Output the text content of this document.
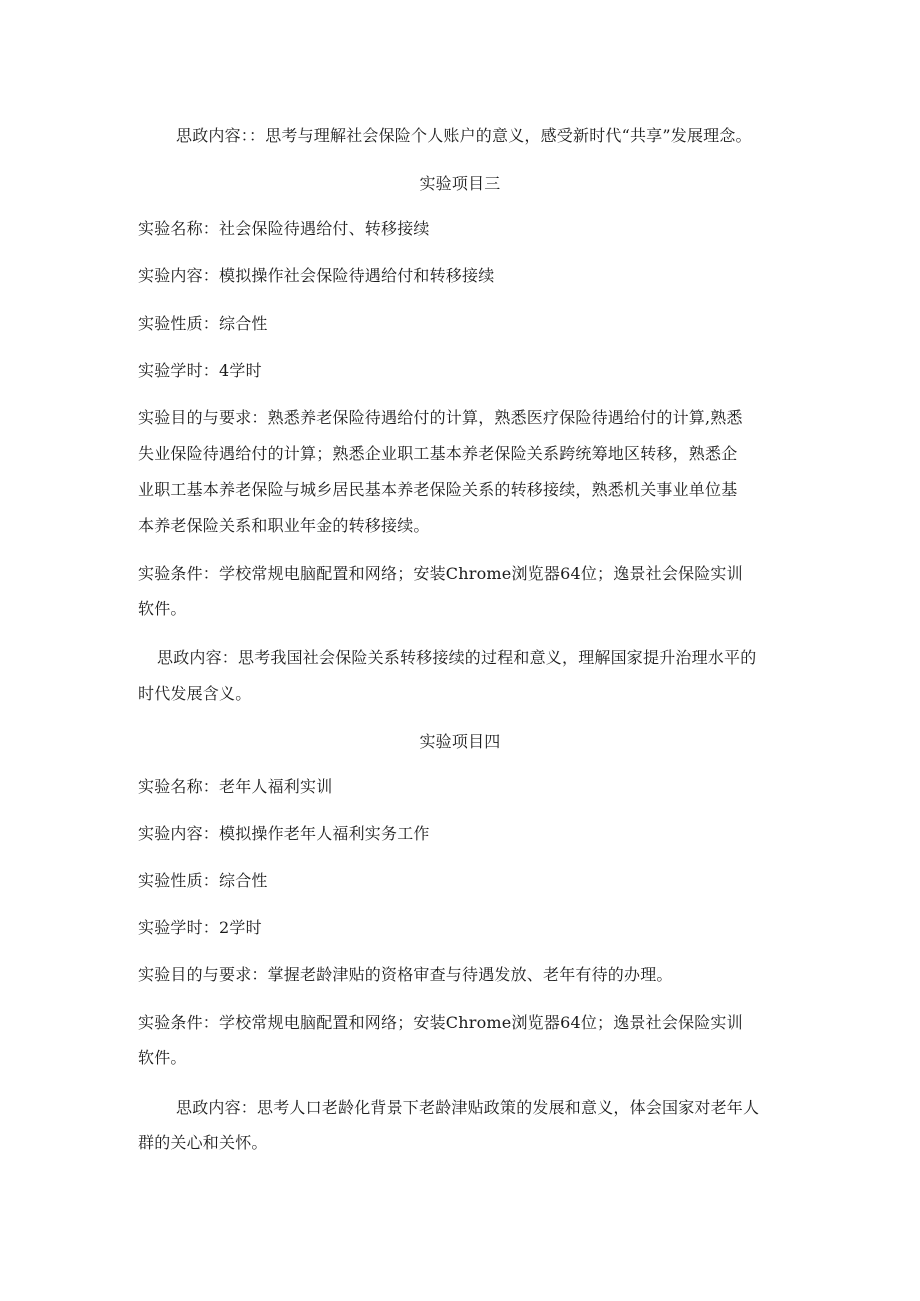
思政内容：：思考与理解社会保险个人账户的意义，感受新时代“共享”发展理念。
实验项目三
实验名称：社会保险待遇给付、转移接续
实验内容：模拟操作社会保险待遇给付和转移接续
实验性质：综合性
实验学时：4学时
实验目的与要求：熟悉养老保险待遇给付的计算，熟悉医疗保险待遇给付的计算,熟悉
失业保险待遇给付的计算；熟悉企业职工基本养老保险关系跨统筹地区转移，熟悉企
业职工基本养老保险与城乡居民基本养老保险关系的转移接续，熟悉机关事业单位基
本养老保险关系和职业年金的转移接续。
实验条件：学校常规电脑配置和网络；安装Chrome浏览器64位；逸景社会保险实训
软件。
思政内容：思考我国社会保险关系转移接续的过程和意义，理解国家提升治理水平的
时代发展含义。
实验项目四
实验名称：老年人福利实训
实验内容：模拟操作老年人福利实务工作
实验性质：综合性
实验学时：2学时
实验目的与要求：掌握老龄津贴的资格审查与待遇发放、老年有待的办理。
实验条件：学校常规电脑配置和网络；安装Chrome浏览器64位；逸景社会保险实训
软件。
思政内容：思考人口老龄化背景下老龄津贴政策的发展和意义，体会国家对老年人
群的关心和关怀。
